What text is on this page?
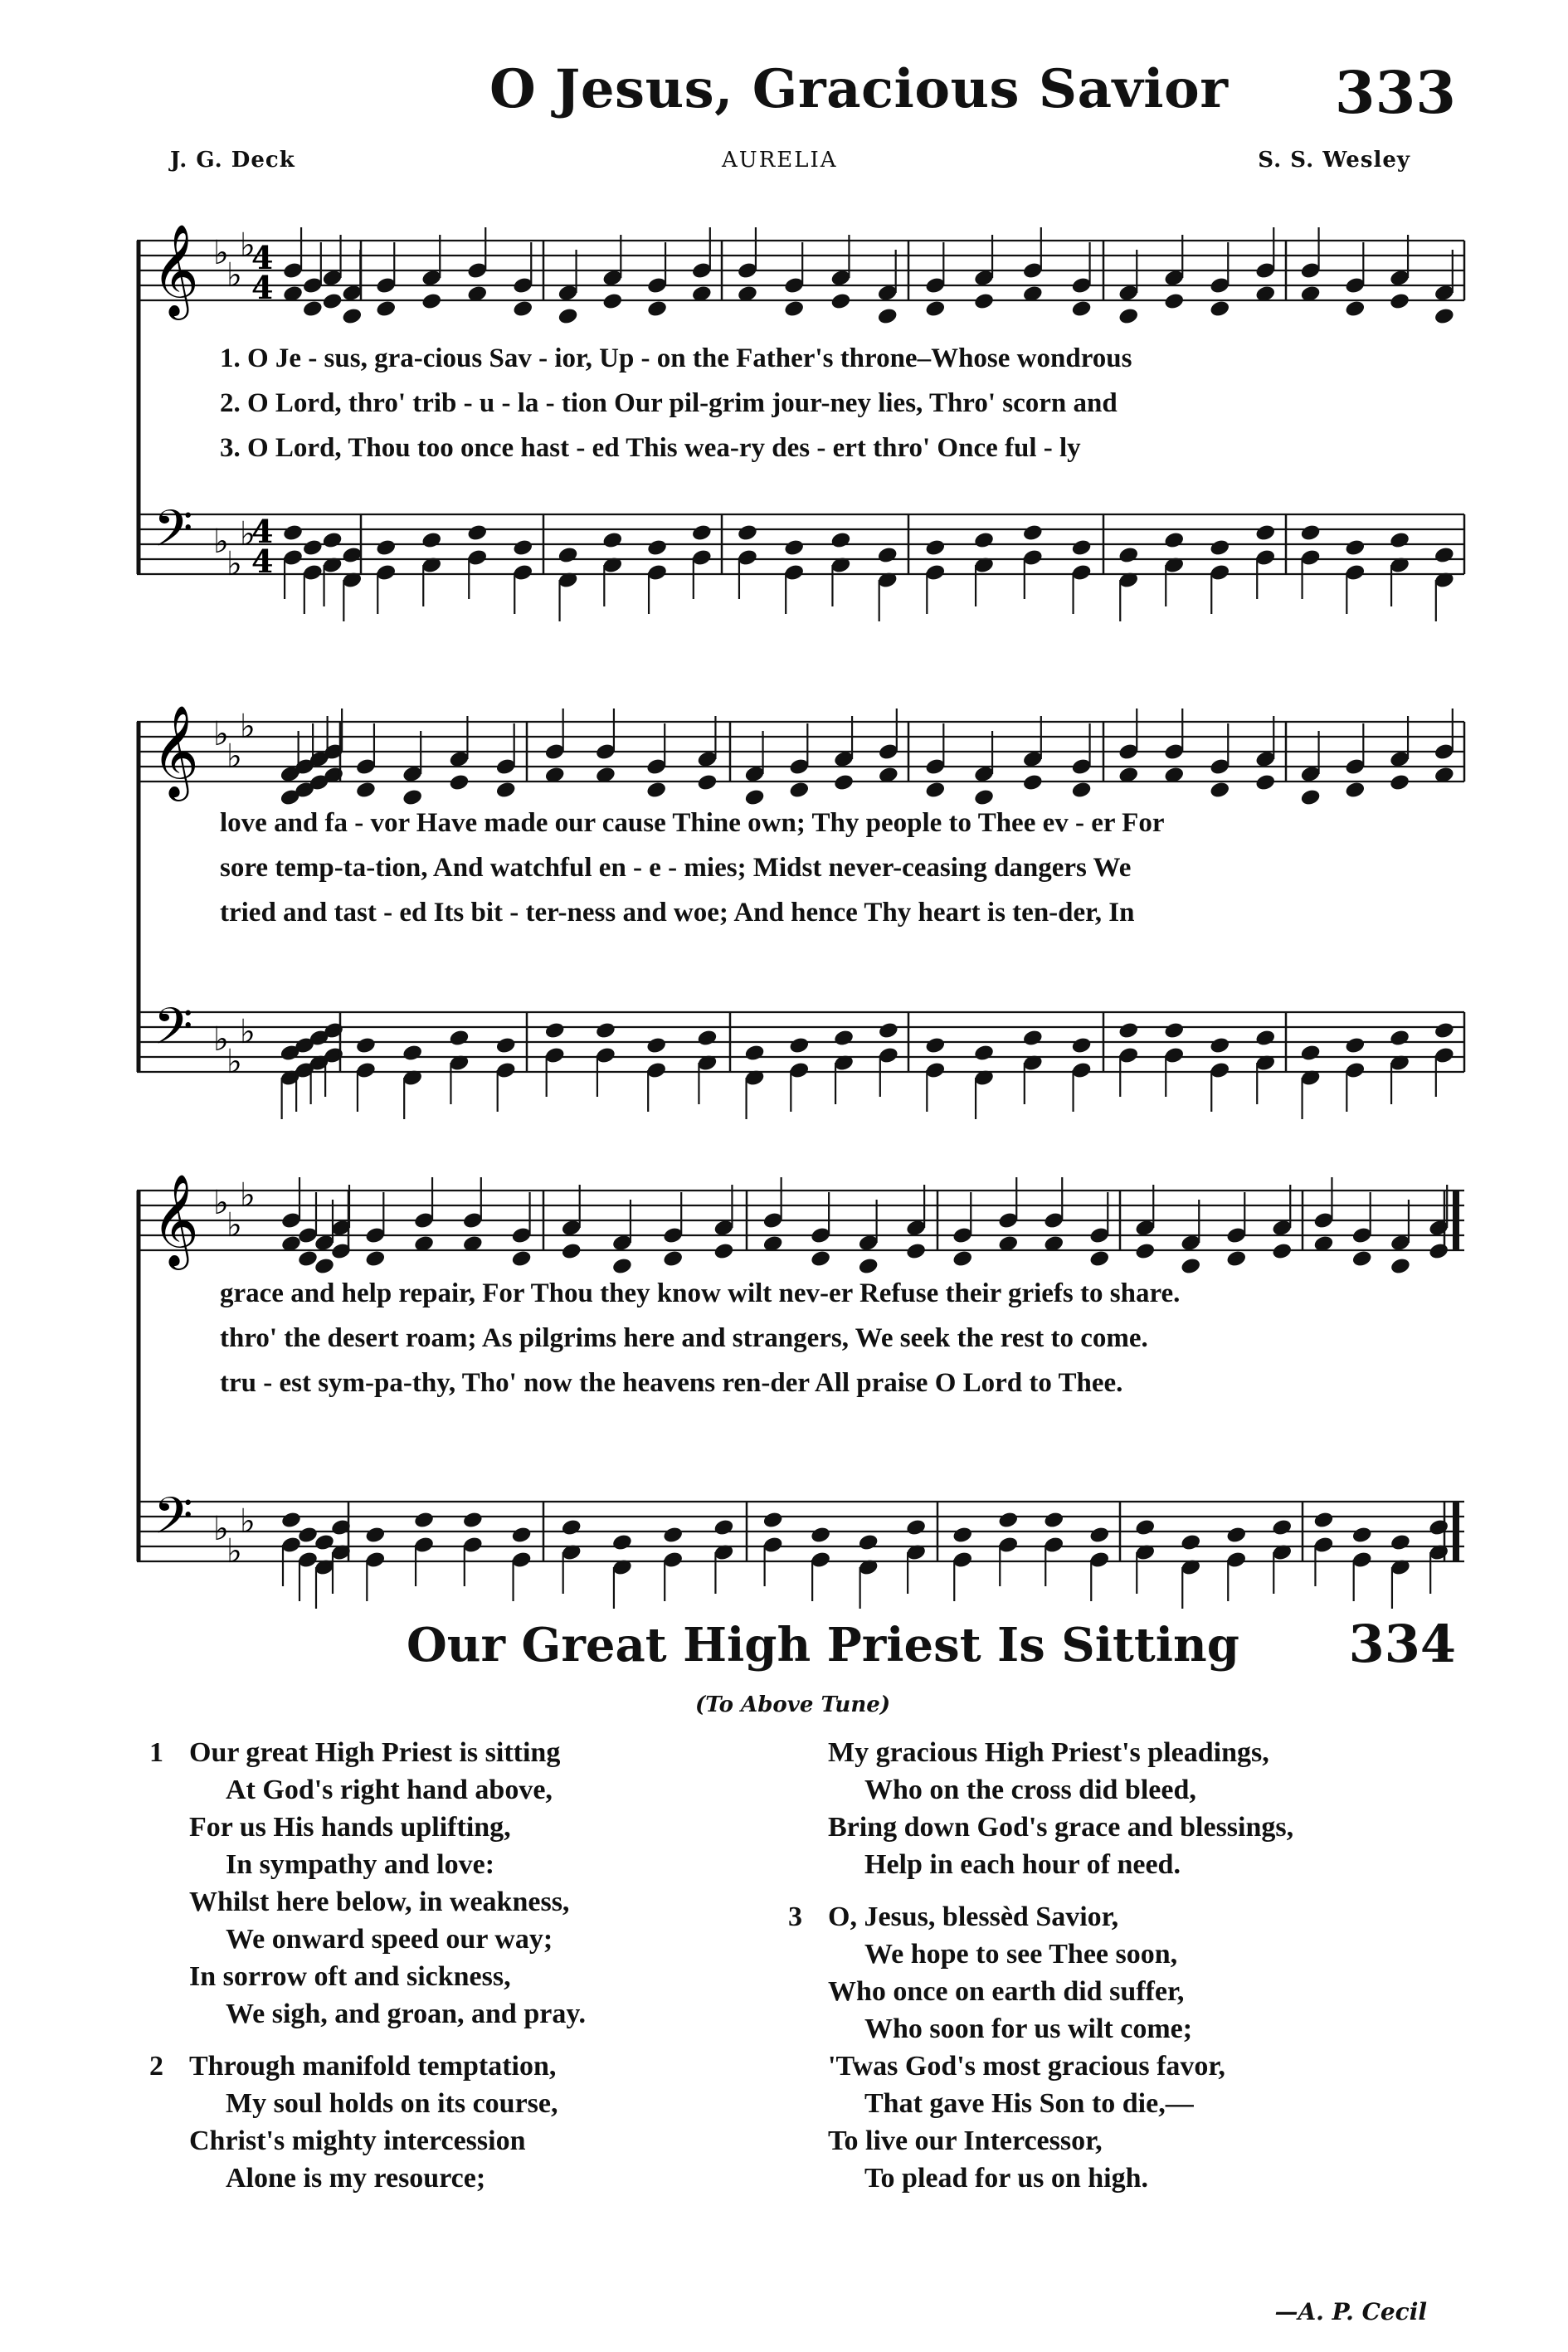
O Jesus, Gracious Savior 333
J. G. Deck	AURELIA	S. S. Wesley
𝄞
𝄢
♭
♭
♭
♭
♭
♭
4
4
4
4
1. O Je - sus, gra-cious Sav - ior, Up - on the Father's throne–Whose wondrous
2. O Lord, thro' trib - u - la - tion Our pil-grim jour-ney lies, Thro' scorn and
3. O Lord, Thou too once hast - ed This wea-ry des - ert thro' Once ful - ly
𝄞
𝄢
♭
♭
♭
♭
♭
♭
love and fa - vor Have made our cause Thine own; Thy people to Thee ev - er For
sore temp-ta-tion, And watchful en - e - mies; Midst never-ceasing dangers We
tried and tast - ed Its bit - ter-ness and woe; And hence Thy heart is ten-der, In
𝄞
𝄢
♭
♭
♭
♭
♭
♭
grace and help repair, For Thou they know wilt nev-er Refuse their griefs to share.
thro' the desert roam; As pilgrims here and strangers, We seek the rest to come.
tru - est sym-pa-thy, Tho' now the heavens ren-der All praise O Lord to Thee.
Our Great High Priest Is Sitting 334
(To Above Tune)
1 Our great High Priest is sitting
At God's right hand above,
For us His hands uplifting,
In sympathy and love:
Whilst here below, in weakness,
We onward speed our way;
In sorrow oft and sickness,
We sigh, and groan, and pray.
2 Through manifold temptation,
My soul holds on its course,
Christ's mighty intercession
Alone is my resource;
My gracious High Priest's pleadings,
Who on the cross did bleed,
Bring down God's grace and blessings,
Help in each hour of need.
3 O, Jesus, blessèd Savior,
We hope to see Thee soon,
Who once on earth did suffer,
Who soon for us wilt come;
'Twas God's most gracious favor,
That gave His Son to die,—
To live our Intercessor,
To plead for us on high.
—A. P. Cecil
